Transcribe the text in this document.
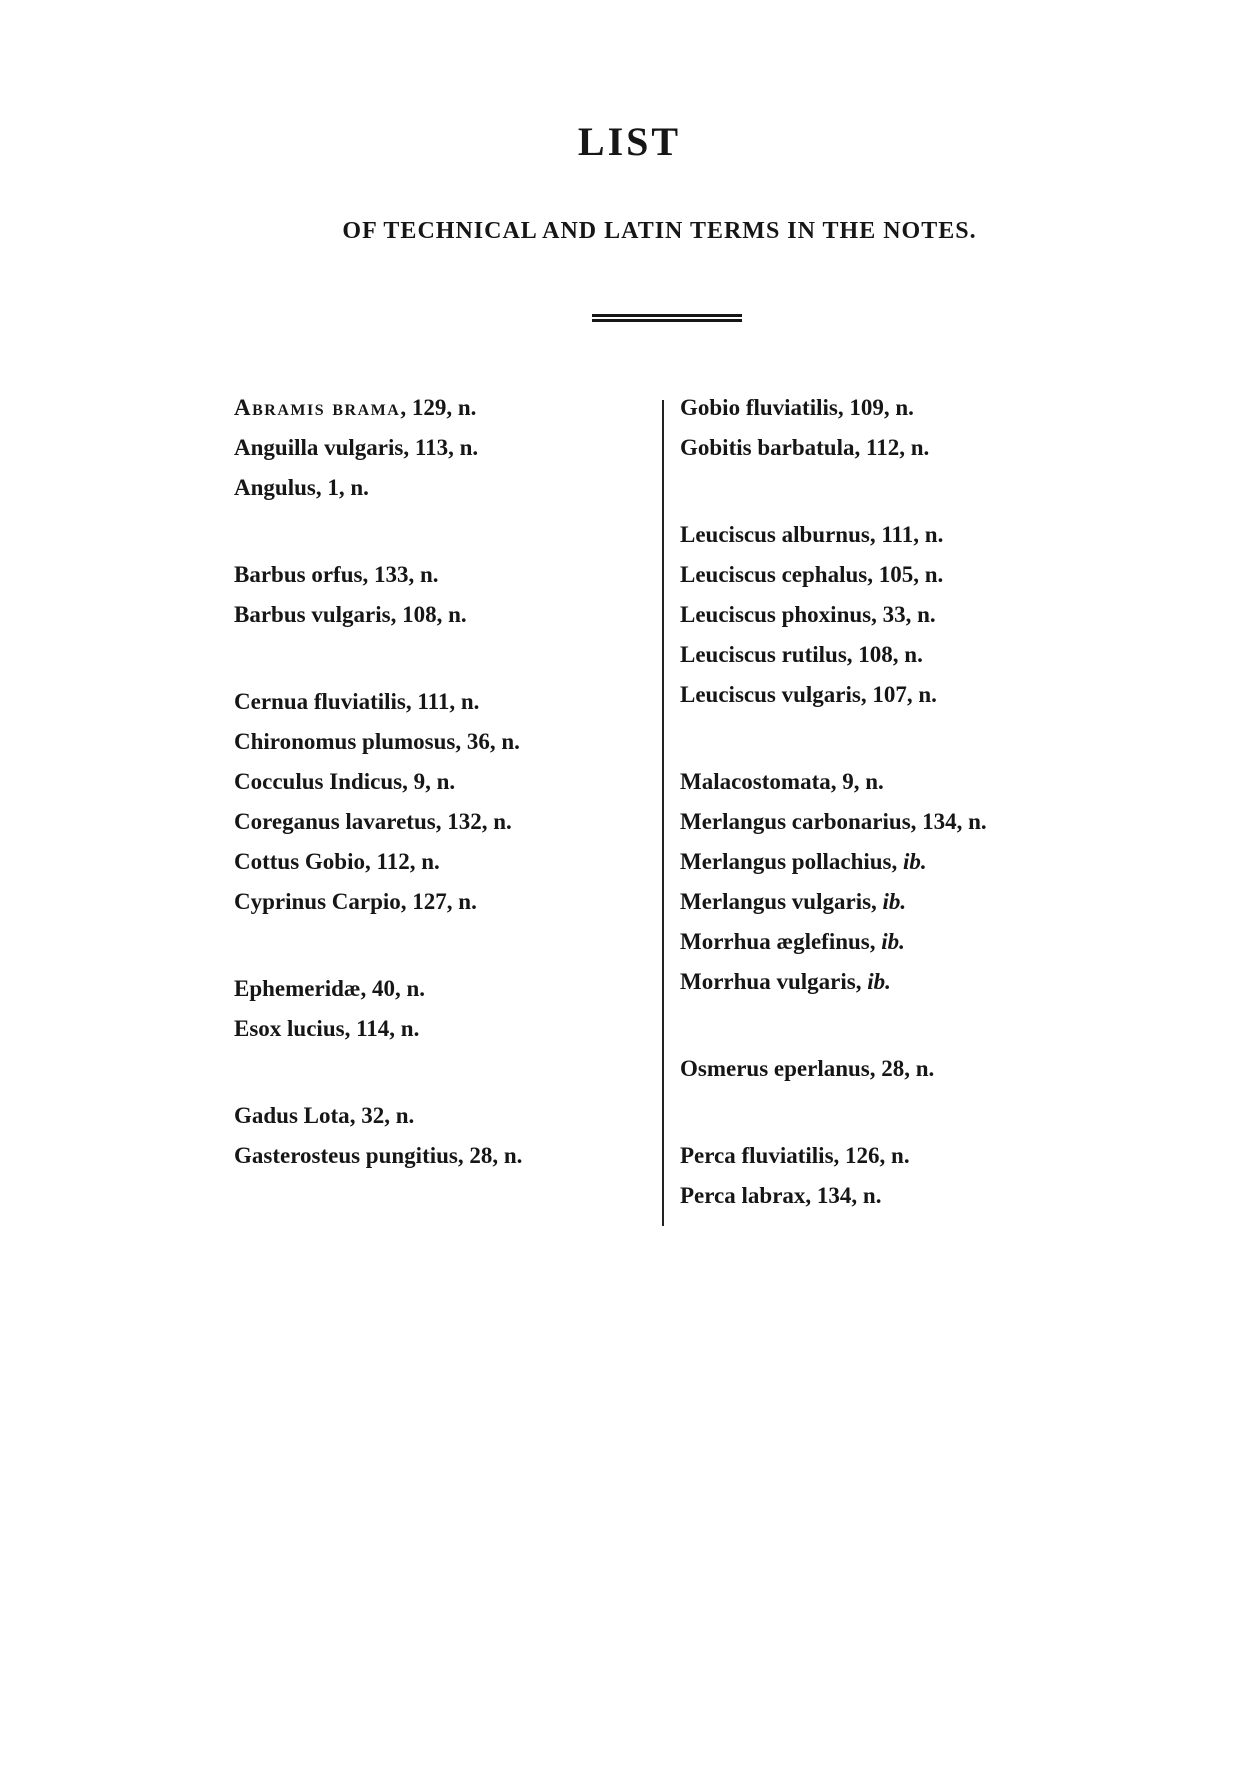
LIST
OF TECHNICAL AND LATIN TERMS IN THE NOTES.
Abramis brama, 129, n.
Anguilla vulgaris, 113, n.
Angulus, 1, n.
Barbus orfus, 133, n.
Barbus vulgaris, 108, n.
Cernua fluviatilis, 111, n.
Chironomus plumosus, 36, n.
Cocculus Indicus, 9, n.
Coreganus lavaretus, 132, n.
Cottus Gobio, 112, n.
Cyprinus Carpio, 127, n.
Ephemeridæ, 40, n.
Esox lucius, 114, n.
Gadus Lota, 32, n.
Gasterosteus pungitius, 28, n.
Gobio fluviatilis, 109, n.
Gobitis barbatula, 112, n.
Leuciscus alburnus, 111, n.
Leuciscus cephalus, 105, n.
Leuciscus phoxinus, 33, n.
Leuciscus rutilus, 108, n.
Leuciscus vulgaris, 107, n.
Malacostomata, 9, n.
Merlangus carbonarius, 134, n.
Merlangus pollachius, ib.
Merlangus vulgaris, ib.
Morrhua æglefinus, ib.
Morrhua vulgaris, ib.
Osmerus eperlanus, 28, n.
Perca fluviatilis, 126, n.
Perca labrax, 134, n.
